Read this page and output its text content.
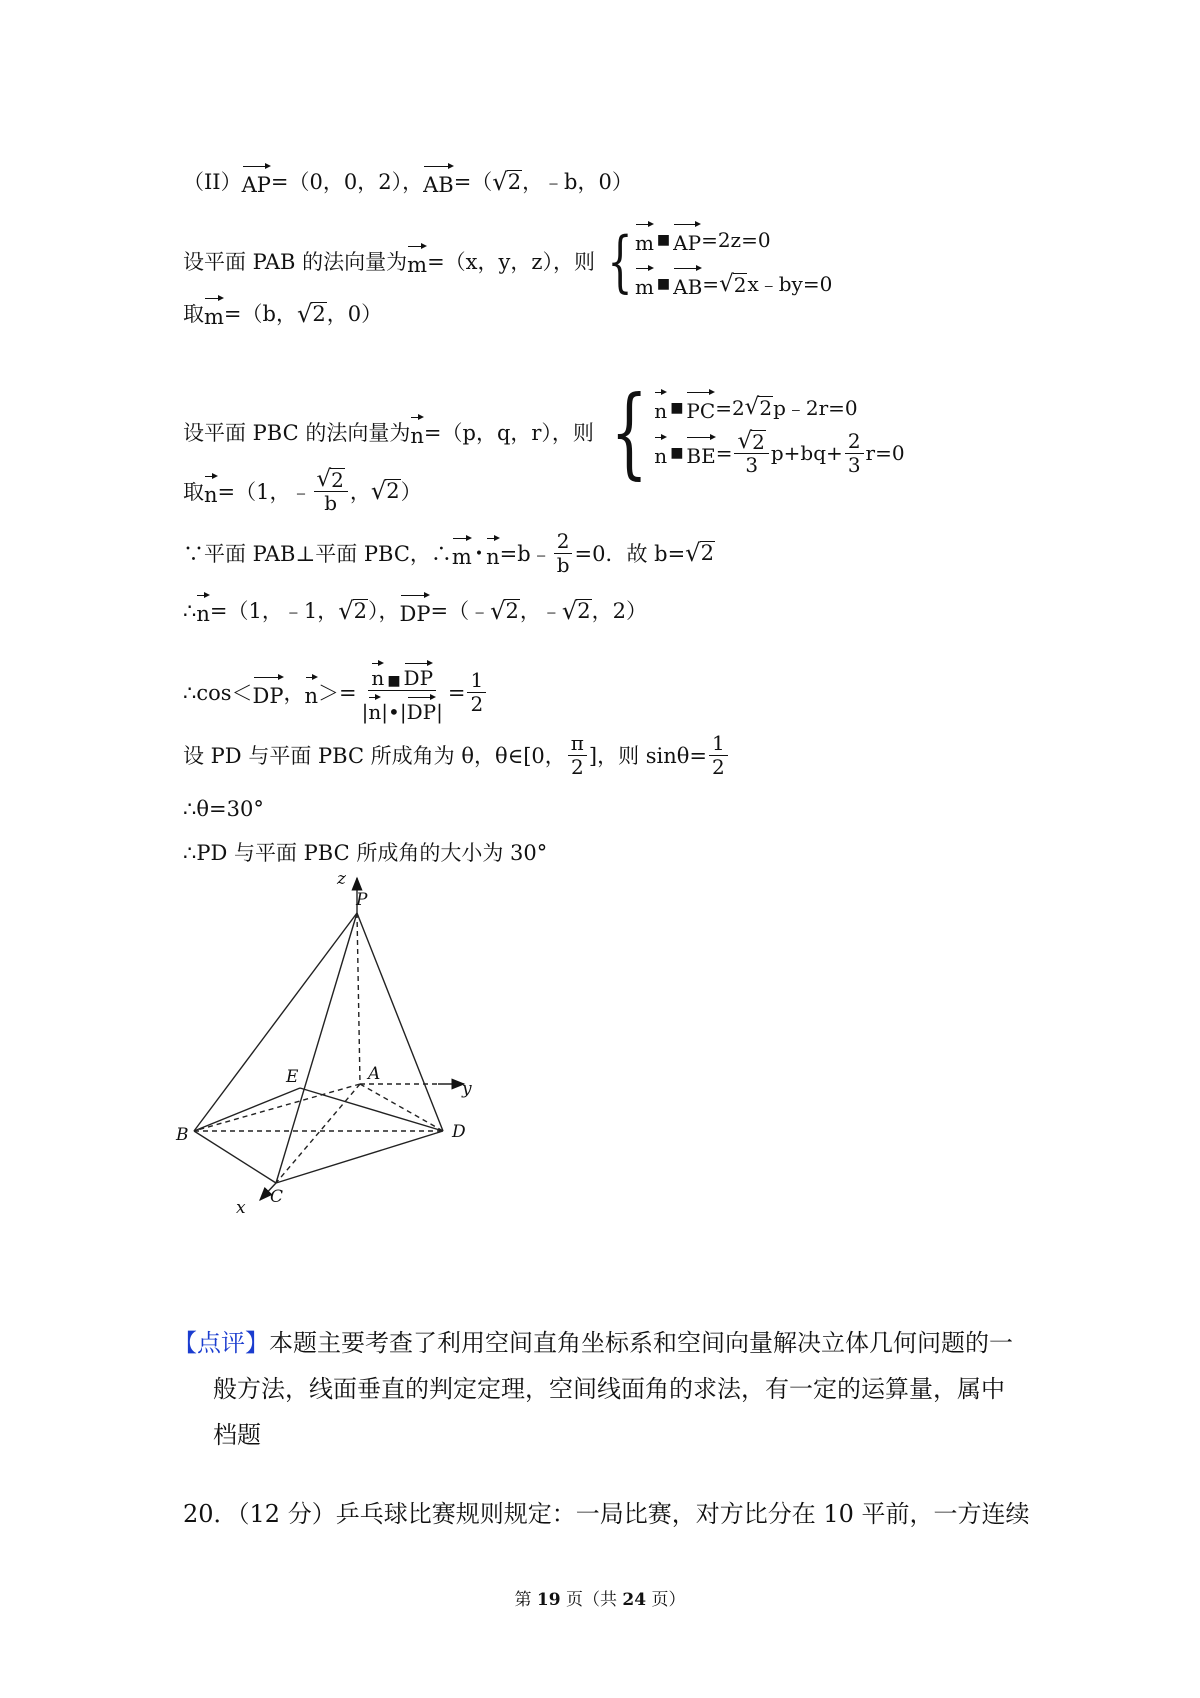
（II） AP =（0，0，2）， AB =（ √ 2 ，﹣b，0）
设平面 PAB 的法向量为 m =（x，y，z），则 { m ■ AP =2z=0
m ■ AB = √ 2 x﹣by=0
取 m =（b， √ 2 ，0）
设平面 PBC 的法向量为 n =（p，q，r），则 { n ■ PC =2 √ 2 p﹣2r=0
n ■ BE = $\frac{√ 2}{3} p+bq+ \frac{2}{3} r=0$
取 n =（1，﹣ $\frac{√ 2}{b}$ ， √ 2 ）
∵平面 PAB⊥平面 PBC，∴ m • n =b﹣ $\frac{2}{b} =0$．故 b= √ 2
∴ n =（1，﹣1， √ 2 ）， DP =（﹣ √ 2 ，﹣ √ 2 ，2）
∴cos＜ DP ， $n >= \frac{n ■ DP}{|n|•|DP|} = \frac{1}{2}$
设 PD 与平面 PBC 所成角为 θ，θ∈[0， $\frac{\pi}{2}$ ]，则 $\sin\theta= \frac{1}{2}$
∴θ=30°
∴PD 与平面 PBC 所成角的大小为 30°
z
P
E	A
y
B	D
x
C
【点评】本题主要考查了利用空间直角坐标系和空间向量解决立体几何问题的一
般方法，线面垂直的判定定理，空间线面角的求法，有一定的运算量，属中
档题
20．（12 分）乒乓球比赛规则规定：一局比赛，对方比分在 10 平前，一方连续
第 19 页（共 24 页）
